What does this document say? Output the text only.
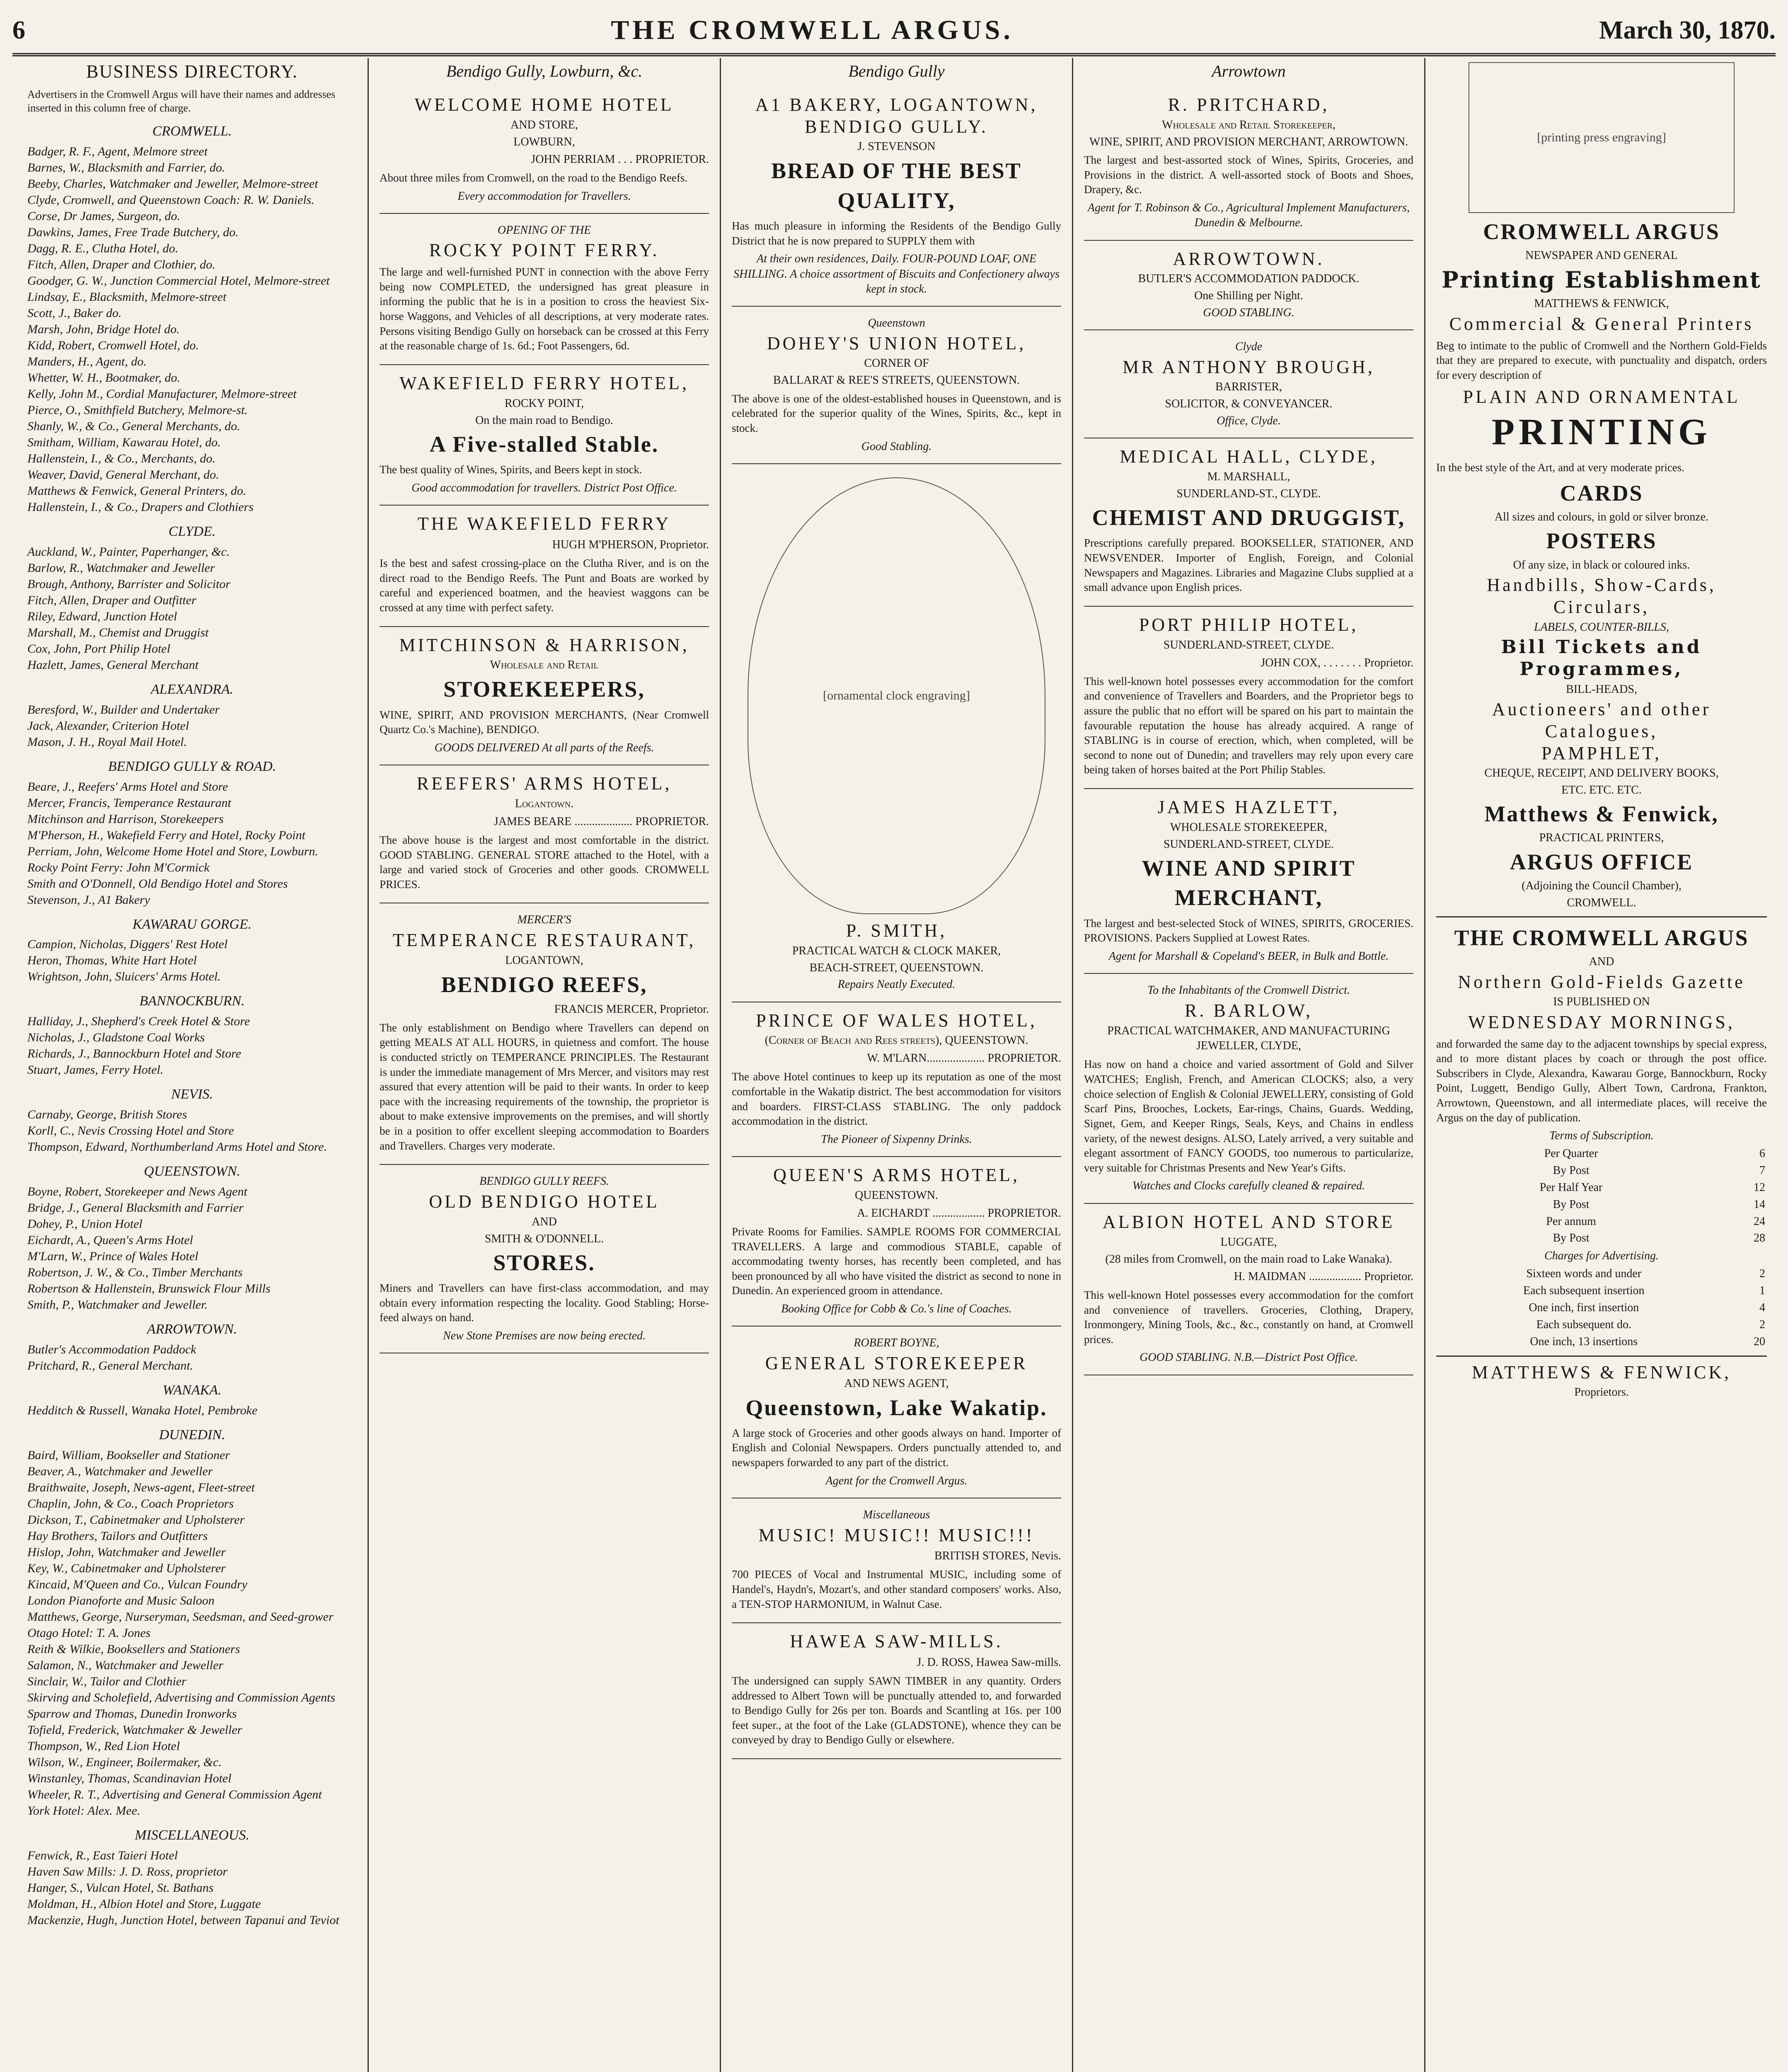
6	THE CROMWELL ARGUS.	March 30, 1870.
BUSINESS DIRECTORY.
Advertisers in the Cromwell Argus will have their names and addresses inserted in this column free of charge.
CROMWELL.
Badger, R. F., Agent, Melmore street
Barnes, W., Blacksmith and Farrier, do.
Beeby, Charles, Watchmaker and Jeweller, Melmore-street
Clyde, Cromwell, and Queenstown Coach: R. W. Daniels.
Corse, Dr James, Surgeon, do.
Dawkins, James, Free Trade Butchery, do.
Dagg, R. E., Clutha Hotel, do.
Fitch, Allen, Draper and Clothier, do.
Goodger, G. W., Junction Commercial Hotel, Melmore-street
Lindsay, E., Blacksmith, Melmore-street
Scott, J., Baker do.
Marsh, John, Bridge Hotel do.
Kidd, Robert, Cromwell Hotel, do.
Manders, H., Agent, do.
Whetter, W. H., Bootmaker, do.
Kelly, John M., Cordial Manufacturer, Melmore-street
Pierce, O., Smithfield Butchery, Melmore-st.
Shanly, W., & Co., General Merchants, do.
Smitham, William, Kawarau Hotel, do.
Hallenstein, I., & Co., Merchants, do.
Weaver, David, General Merchant, do.
Matthews & Fenwick, General Printers, do.
Hallenstein, I., & Co., Drapers and Clothiers
CLYDE.
Auckland, W., Painter, Paperhanger, &c.
Barlow, R., Watchmaker and Jeweller
Brough, Anthony, Barrister and Solicitor
Fitch, Allen, Draper and Outfitter
Riley, Edward, Junction Hotel
Marshall, M., Chemist and Druggist
Cox, John, Port Philip Hotel
Hazlett, James, General Merchant
ALEXANDRA.
Beresford, W., Builder and Undertaker
Jack, Alexander, Criterion Hotel
Mason, J. H., Royal Mail Hotel.
BENDIGO GULLY & ROAD.
Beare, J., Reefers' Arms Hotel and Store
Mercer, Francis, Temperance Restaurant
Mitchinson and Harrison, Storekeepers
M'Pherson, H., Wakefield Ferry and Hotel, Rocky Point
Perriam, John, Welcome Home Hotel and Store, Lowburn.
Rocky Point Ferry: John M'Cormick
Smith and O'Donnell, Old Bendigo Hotel and Stores
Stevenson, J., A1 Bakery
KAWARAU GORGE.
Campion, Nicholas, Diggers' Rest Hotel
Heron, Thomas, White Hart Hotel
Wrightson, John, Sluicers' Arms Hotel.
BANNOCKBURN.
Halliday, J., Shepherd's Creek Hotel & Store
Nicholas, J., Gladstone Coal Works
Richards, J., Bannockburn Hotel and Store
Stuart, James, Ferry Hotel.
NEVIS.
Carnaby, George, British Stores
Korll, C., Nevis Crossing Hotel and Store
Thompson, Edward, Northumberland Arms Hotel and Store.
QUEENSTOWN.
Boyne, Robert, Storekeeper and News Agent
Bridge, J., General Blacksmith and Farrier
Dohey, P., Union Hotel
Eichardt, A., Queen's Arms Hotel
M'Larn, W., Prince of Wales Hotel
Robertson, J. W., & Co., Timber Merchants
Robertson & Hallenstein, Brunswick Flour Mills
Smith, P., Watchmaker and Jeweller.
ARROWTOWN.
Butler's Accommodation Paddock
Pritchard, R., General Merchant.
WANAKA.
Hedditch & Russell, Wanaka Hotel, Pembroke
DUNEDIN.
Baird, William, Bookseller and Stationer
Beaver, A., Watchmaker and Jeweller
Braithwaite, Joseph, News-agent, Fleet-street
Chaplin, John, & Co., Coach Proprietors
Dickson, T., Cabinetmaker and Upholsterer
Hay Brothers, Tailors and Outfitters
Hislop, John, Watchmaker and Jeweller
Key, W., Cabinetmaker and Upholsterer
Kincaid, M'Queen and Co., Vulcan Foundry
London Pianoforte and Music Saloon
Matthews, George, Nurseryman, Seedsman, and Seed-grower
Otago Hotel: T. A. Jones
Reith & Wilkie, Booksellers and Stationers
Salamon, N., Watchmaker and Jeweller
Sinclair, W., Tailor and Clothier
Skirving and Scholefield, Advertising and Commission Agents
Sparrow and Thomas, Dunedin Ironworks
Tofield, Frederick, Watchmaker & Jeweller
Thompson, W., Red Lion Hotel
Wilson, W., Engineer, Boilermaker, &c.
Winstanley, Thomas, Scandinavian Hotel
Wheeler, R. T., Advertising and General Commission Agent
York Hotel: Alex. Mee.
MISCELLANEOUS.
Fenwick, R., East Taieri Hotel
Haven Saw Mills: J. D. Ross, proprietor
Hanger, S., Vulcan Hotel, St. Bathans
Moldman, H., Albion Hotel and Store, Luggate
Mackenzie, Hugh, Junction Hotel, between Tapanui and Teviot
Bendigo Gully, Lowburn, &c.
WELCOME HOME HOTEL
AND STORE,
LOWBURN,
JOHN PERRIAM . . . PROPRIETOR.
About three miles from Cromwell, on the road to the Bendigo Reefs.
Every accommodation for Travellers.
OPENING OF THE
ROCKY POINT FERRY.
The large and well-furnished PUNT in connection with the above Ferry being now COMPLETED, the undersigned has great pleasure in informing the public that he is in a position to cross the heaviest Six-horse Waggons, and Vehicles of all descriptions, at very moderate rates. Persons visiting Bendigo Gully on horseback can be crossed at this Ferry at the reasonable charge of 1s. 6d.; Foot Passengers, 6d.
WAKEFIELD FERRY HOTEL,
ROCKY POINT,
On the main road to Bendigo.
A Five-stalled Stable.
The best quality of Wines, Spirits, and Beers kept in stock.
Good accommodation for travellers. District Post Office.
THE WAKEFIELD FERRY
HUGH M'PHERSON, Proprietor.
Is the best and safest crossing-place on the Clutha River, and is on the direct road to the Bendigo Reefs. The Punt and Boats are worked by careful and experienced boatmen, and the heaviest waggons can be crossed at any time with perfect safety.
MITCHINSON & HARRISON,
Wholesale and Retail
STOREKEEPERS,
WINE, SPIRIT, AND PROVISION MERCHANTS, (Near Cromwell Quartz Co.'s Machine), BENDIGO.
GOODS DELIVERED At all parts of the Reefs.
REEFERS' ARMS HOTEL,
Logantown.
JAMES BEARE .................... PROPRIETOR.
The above house is the largest and most comfortable in the district. GOOD STABLING. GENERAL STORE attached to the Hotel, with a large and varied stock of Groceries and other goods. CROMWELL PRICES.
MERCER'S
TEMPERANCE RESTAURANT,
LOGANTOWN,
BENDIGO REEFS,
FRANCIS MERCER, Proprietor.
The only establishment on Bendigo where Travellers can depend on getting MEALS AT ALL HOURS, in quietness and comfort. The house is conducted strictly on TEMPERANCE PRINCIPLES. The Restaurant is under the immediate management of Mrs Mercer, and visitors may rest assured that every attention will be paid to their wants. In order to keep pace with the increasing requirements of the township, the proprietor is about to make extensive improvements on the premises, and will shortly be in a position to offer excellent sleeping accommodation to Boarders and Travellers. Charges very moderate.
BENDIGO GULLY REEFS.
OLD BENDIGO HOTEL
AND
SMITH & O'DONNELL.
STORES.
Miners and Travellers can have first-class accommodation, and may obtain every information respecting the locality. Good Stabling; Horse-feed always on hand.
New Stone Premises are now being erected.
Bendigo Gully
A1 BAKERY, LOGANTOWN, BENDIGO GULLY.
J. STEVENSON
BREAD OF THE BEST QUALITY,
Has much pleasure in informing the Residents of the Bendigo Gully District that he is now prepared to SUPPLY them with
At their own residences, Daily. FOUR-POUND LOAF, ONE SHILLING. A choice assortment of Biscuits and Confectionery always kept in stock.
Queenstown
DOHEY'S UNION HOTEL,
CORNER OF
BALLARAT & REE'S STREETS, QUEENSTOWN.
The above is one of the oldest-established houses in Queenstown, and is celebrated for the superior quality of the Wines, Spirits, &c., kept in stock.
Good Stabling.
[ornamental clock engraving]
P. SMITH,
PRACTICAL WATCH & CLOCK MAKER,
BEACH-STREET, QUEENSTOWN.
Repairs Neatly Executed.
PRINCE OF WALES HOTEL,
(Corner of Beach and Rees streets), QUEENSTOWN.
W. M'LARN.................... PROPRIETOR.
The above Hotel continues to keep up its reputation as one of the most comfortable in the Wakatip district. The best accommodation for visitors and boarders. FIRST-CLASS STABLING. The only paddock accommodation in the district.
The Pioneer of Sixpenny Drinks.
QUEEN'S ARMS HOTEL,
QUEENSTOWN.
A. EICHARDT .................. PROPRIETOR.
Private Rooms for Families. SAMPLE ROOMS FOR COMMERCIAL TRAVELLERS. A large and commodious STABLE, capable of accommodating twenty horses, has recently been completed, and has been pronounced by all who have visited the district as second to none in Dunedin. An experienced groom in attendance.
Booking Office for Cobb & Co.'s line of Coaches.
ROBERT BOYNE,
GENERAL STOREKEEPER
AND NEWS AGENT,
Queenstown, Lake Wakatip.
A large stock of Groceries and other goods always on hand. Importer of English and Colonial Newspapers. Orders punctually attended to, and newspapers forwarded to any part of the district.
Agent for the Cromwell Argus.
Miscellaneous
MUSIC! MUSIC!! MUSIC!!!
BRITISH STORES, Nevis.
700 PIECES of Vocal and Instrumental MUSIC, including some of Handel's, Haydn's, Mozart's, and other standard composers' works. Also, a TEN-STOP HARMONIUM, in Walnut Case.
HAWEA SAW-MILLS.
J. D. ROSS, Hawea Saw-mills.
The undersigned can supply SAWN TIMBER in any quantity. Orders addressed to Albert Town will be punctually attended to, and forwarded to Bendigo Gully for 26s per ton. Boards and Scantling at 16s. per 100 feet super., at the foot of the Lake (GLADSTONE), whence they can be conveyed by dray to Bendigo Gully or elsewhere.
Arrowtown
R. PRITCHARD,
Wholesale and Retail Storekeeper,
WINE, SPIRIT, AND PROVISION MERCHANT, ARROWTOWN.
The largest and best-assorted stock of Wines, Spirits, Groceries, and Provisions in the district. A well-assorted stock of Boots and Shoes, Drapery, &c.
Agent for T. Robinson & Co., Agricultural Implement Manufacturers, Dunedin & Melbourne.
ARROWTOWN.
BUTLER'S ACCOMMODATION PADDOCK.
One Shilling per Night.
GOOD STABLING.
Clyde
MR ANTHONY BROUGH,
BARRISTER,
SOLICITOR, & CONVEYANCER.
Office, Clyde.
MEDICAL HALL, CLYDE,
M. MARSHALL,
SUNDERLAND-ST., CLYDE.
CHEMIST AND DRUGGIST,
Prescriptions carefully prepared. BOOKSELLER, STATIONER, AND NEWSVENDER. Importer of English, Foreign, and Colonial Newspapers and Magazines. Libraries and Magazine Clubs supplied at a small advance upon English prices.
PORT PHILIP HOTEL,
SUNDERLAND-STREET, CLYDE.
JOHN COX, . . . . . . . Proprietor.
This well-known hotel possesses every accommodation for the comfort and convenience of Travellers and Boarders, and the Proprietor begs to assure the public that no effort will be spared on his part to maintain the favourable reputation the house has already acquired. A range of STABLING is in course of erection, which, when completed, will be second to none out of Dunedin; and travellers may rely upon every care being taken of horses baited at the Port Philip Stables.
JAMES HAZLETT,
WHOLESALE STOREKEEPER,
SUNDERLAND-STREET, CLYDE.
WINE AND SPIRIT MERCHANT,
The largest and best-selected Stock of WINES, SPIRITS, GROCERIES. PROVISIONS. Packers Supplied at Lowest Rates.
Agent for Marshall & Copeland's BEER, in Bulk and Bottle.
To the Inhabitants of the Cromwell District.
R. BARLOW,
PRACTICAL WATCHMAKER, AND MANUFACTURING JEWELLER, CLYDE,
Has now on hand a choice and varied assortment of Gold and Silver WATCHES; English, French, and American CLOCKS; also, a very choice selection of English & Colonial JEWELLERY, consisting of Gold Scarf Pins, Brooches, Lockets, Ear-rings, Chains, Guards. Wedding, Signet, Gem, and Keeper Rings, Seals, Keys, and Chains in endless variety, of the newest designs. ALSO, Lately arrived, a very suitable and elegant assortment of FANCY GOODS, too numerous to particularize, very suitable for Christmas Presents and New Year's Gifts.
Watches and Clocks carefully cleaned & repaired.
ALBION HOTEL AND STORE
LUGGATE,
(28 miles from Cromwell, on the main road to Lake Wanaka).
H. MAIDMAN .................. Proprietor.
This well-known Hotel possesses every accommodation for the comfort and convenience of travellers. Groceries, Clothing, Drapery, Ironmongery, Mining Tools, &c., &c., constantly on hand, at Cromwell prices.
GOOD STABLING. N.B.—District Post Office.
[printing press engraving]
CROMWELL ARGUS
NEWSPAPER AND GENERAL
Printing Establishment
MATTHEWS & FENWICK,
Commercial & General Printers
Beg to intimate to the public of Cromwell and the Northern Gold-Fields that they are prepared to execute, with punctuality and dispatch, orders for every description of
PLAIN AND ORNAMENTAL
PRINTING
In the best style of the Art, and at very moderate prices.
CARDS
All sizes and colours, in gold or silver bronze.
POSTERS
Of any size, in black or coloured inks.
Handbills, Show-Cards, Circulars,
LABELS, COUNTER-BILLS,
Bill Tickets and Programmes,
BILL-HEADS,
Auctioneers' and other Catalogues,
PAMPHLET,
CHEQUE, RECEIPT, AND DELIVERY BOOKS,
ETC. ETC. ETC.
Matthews & Fenwick,
PRACTICAL PRINTERS,
ARGUS OFFICE
(Adjoining the Council Chamber),
CROMWELL.
THE CROMWELL ARGUS
AND
Northern Gold-Fields Gazette
IS PUBLISHED ON
WEDNESDAY MORNINGS,
and forwarded the same day to the adjacent townships by special express, and to more distant places by coach or through the post office. Subscribers in Clyde, Alexandra, Kawarau Gorge, Bannockburn, Rocky Point, Luggett, Bendigo Gully, Albert Town, Cardrona, Frankton, Arrowtown, Queenstown, and all intermediate places, will receive the Argus on the day of publication.
Terms of Subscription.
Per Quarter	6
By Post	7
Per Half Year	12
By Post	14
Per annum	24
By Post	28
Charges for Advertising.
Sixteen words and under	2
Each subsequent insertion	1
One inch, first insertion	4
Each subsequent do.	2
One inch, 13 insertions	20
MATTHEWS & FENWICK,
Proprietors.
